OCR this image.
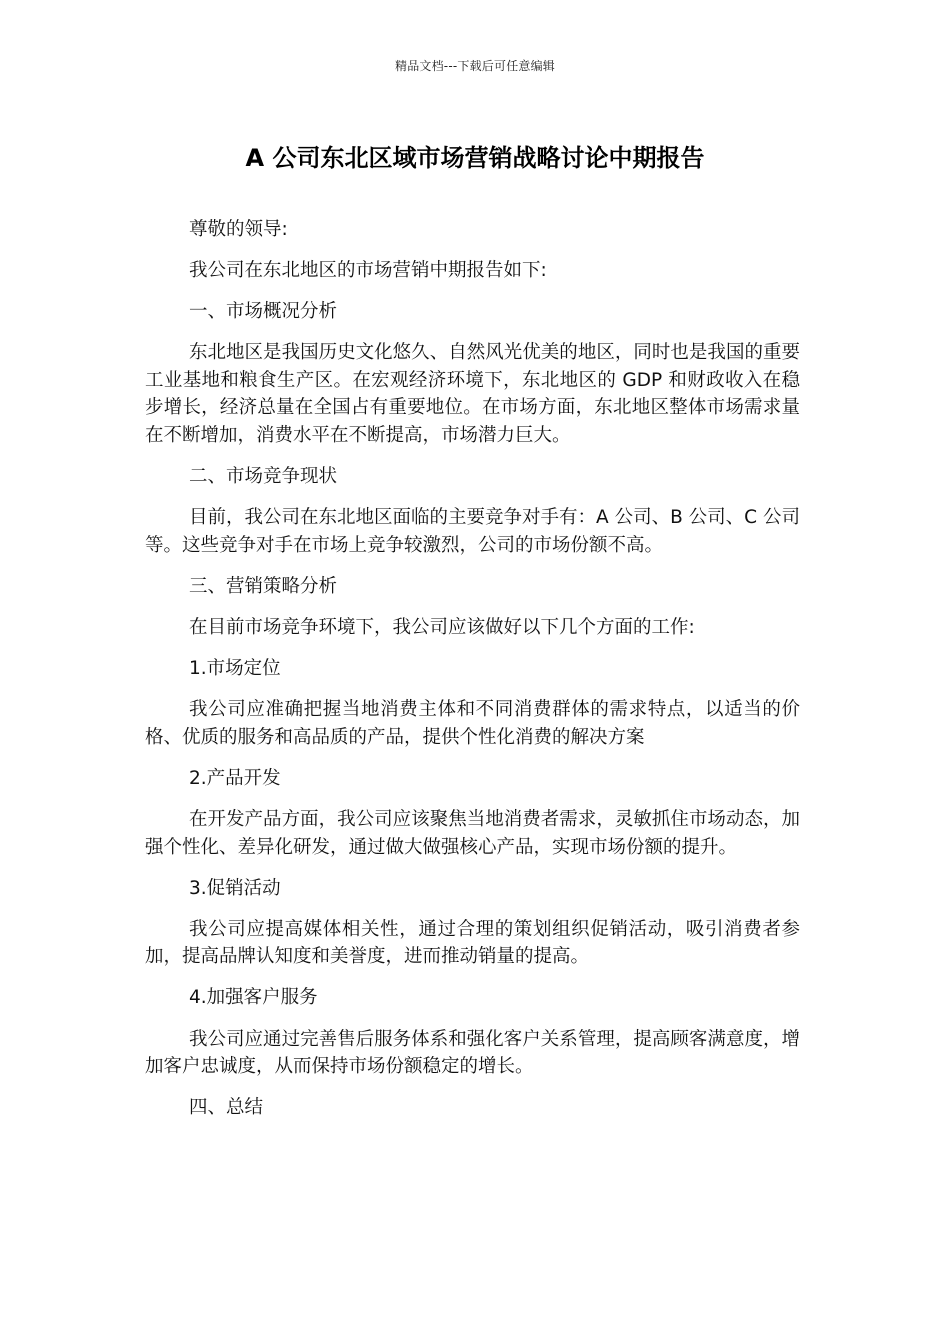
精品文档---下载后可任意编辑
A 公司东北区域市场营销战略讨论中期报告

尊敬的领导:

我公司在东北地区的市场营销中期报告如下:

一、市场概况分析

东北地区是我国历史文化悠久、自然风光优美的地区，同时也是我国的重要工业基地和粮食生产区。在宏观经济环境下，东北地区的 GDP 和财政收入在稳步增长，经济总量在全国占有重要地位。在市场方面，东北地区整体市场需求量在不断增加，消费水平在不断提高，市场潜力巨大。

二、市场竞争现状

目前，我公司在东北地区面临的主要竞争对手有：A 公司、B 公司、C 公司等。这些竞争对手在市场上竞争较激烈，公司的市场份额不高。

三、营销策略分析

在目前市场竞争环境下，我公司应该做好以下几个方面的工作:

1.市场定位

我公司应准确把握当地消费主体和不同消费群体的需求特点，以适当的价格、优质的服务和高品质的产品，提供个性化消费的解决方案

2.产品开发

在开发产品方面，我公司应该聚焦当地消费者需求，灵敏抓住市场动态，加强个性化、差异化研发，通过做大做强核心产品，实现市场份额的提升。

3.促销活动

我公司应提高媒体相关性，通过合理的策划组织促销活动，吸引消费者参加，提高品牌认知度和美誉度，进而推动销量的提高。

4.加强客户服务

我公司应通过完善售后服务体系和强化客户关系管理，提高顾客满意度，增加客户忠诚度，从而保持市场份额稳定的增长。

四、总结
